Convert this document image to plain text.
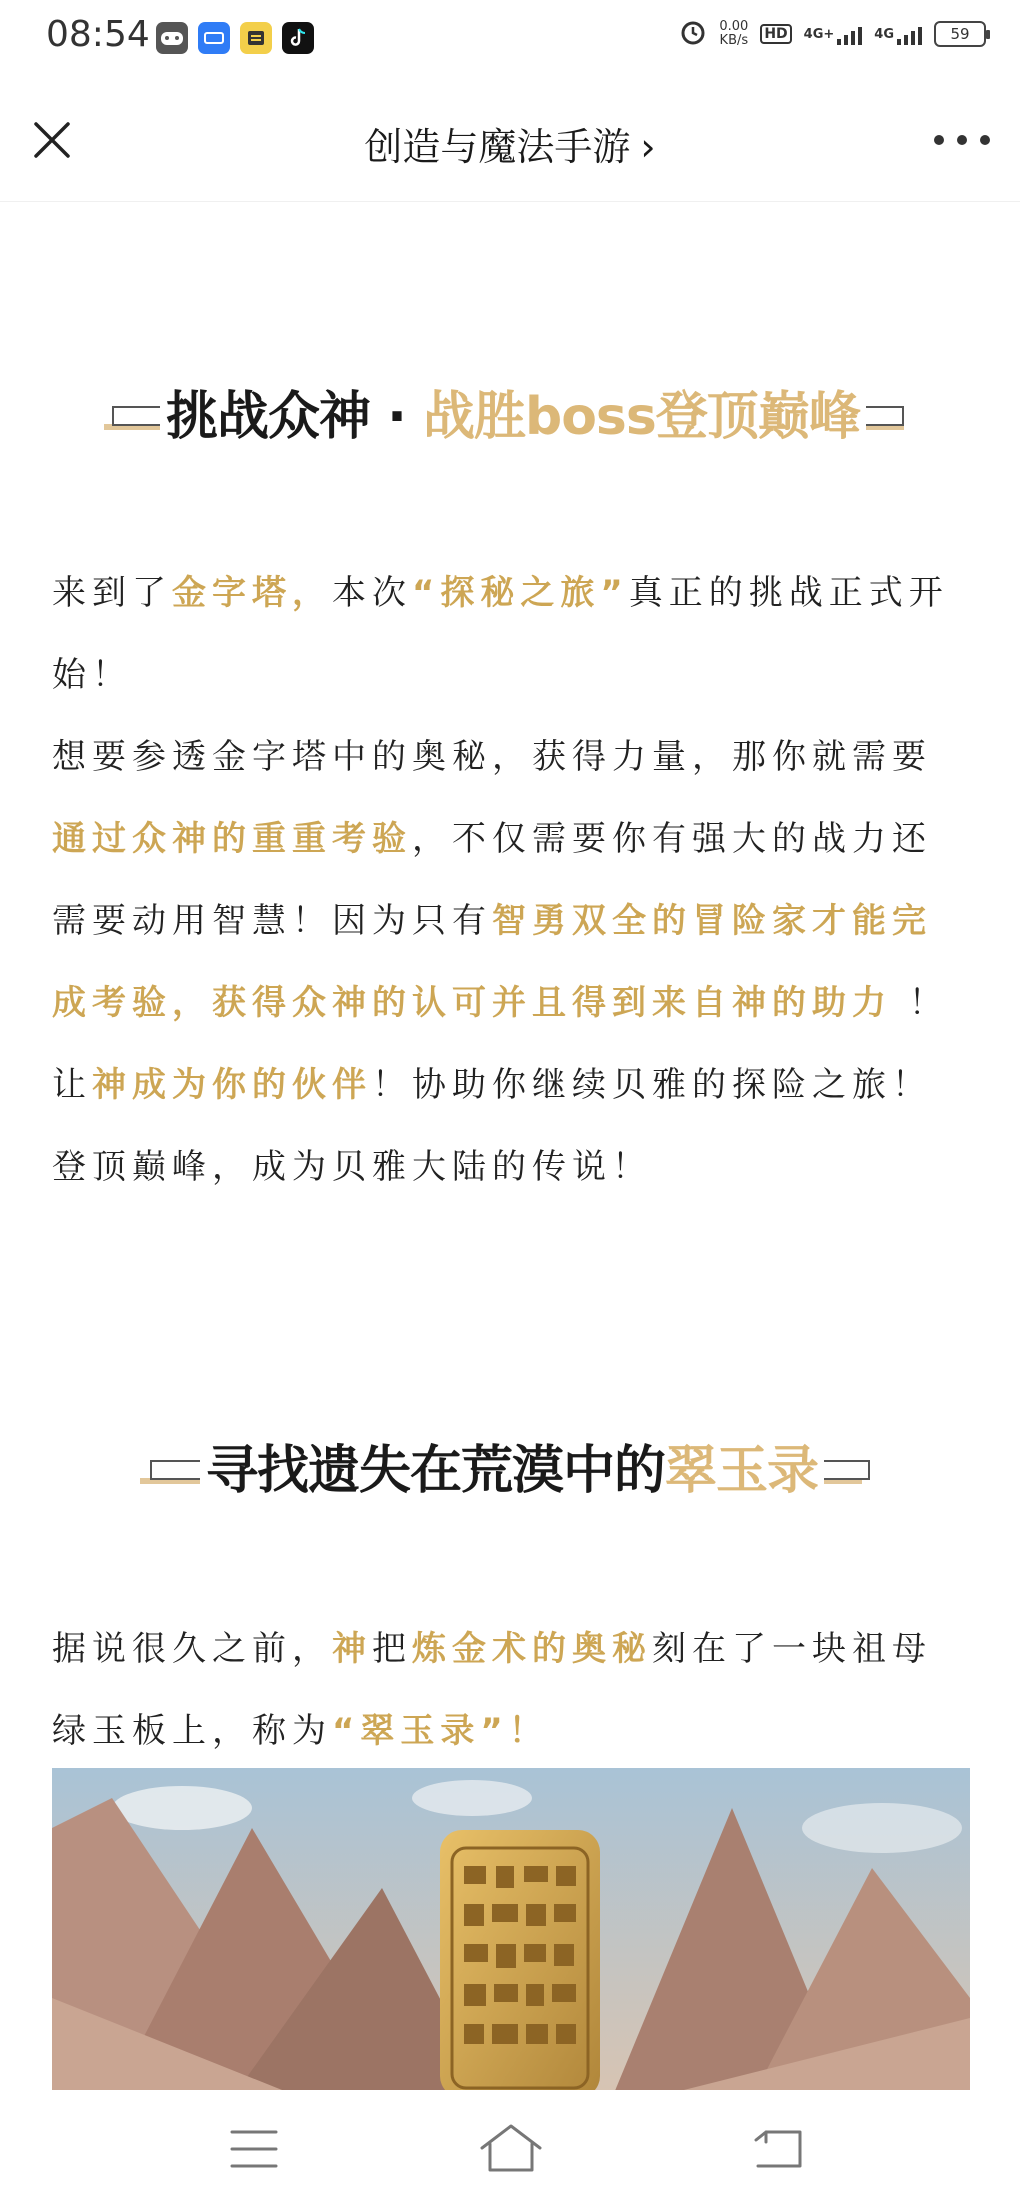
08:54	0.00
KB/s HD	4G+	4G	59
创造与魔法手游 ›
挑战众神 · 战胜boss登顶巅峰
来到了金字塔，本次“探秘之旅”真正的挑战正式开始！
想要参透金字塔中的奥秘，获得力量，那你就需要通过众神的重重考验，不仅需要你有强大的战力还需要动用智慧！因为只有智勇双全的冒险家才能完成考验，获得众神的认可并且得到来自神的助力 ！
让神成为你的伙伴！协助你继续贝雅的探险之旅！
登顶巅峰，成为贝雅大陆的传说！
寻找遗失在荒漠中的翠玉录
据说很久之前，神把炼金术的奥秘刻在了一块祖母绿玉板上，称为“翠玉录”！
